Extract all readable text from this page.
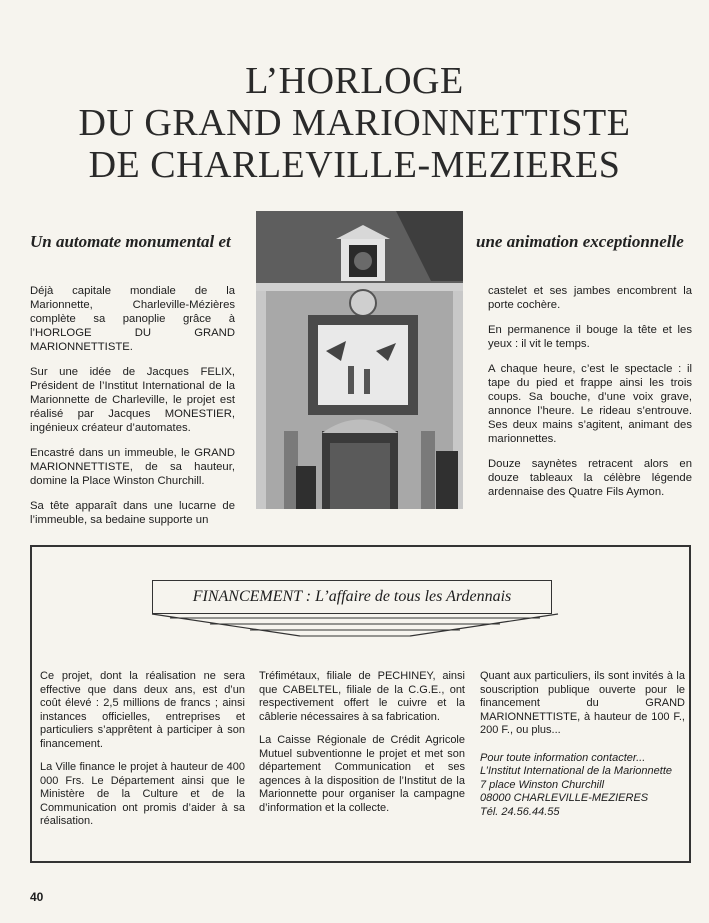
L’HORLOGE
DU GRAND MARIONNETTISTE
DE CHARLEVILLE-MEZIERES
Un automate monumental et	une animation exceptionnelle

Déjà capitale mondiale de la Marionnette, Charleville-Mézières complète sa panoplie grâce à l’HORLOGE DU GRAND MARIONNETTISTE.

Sur une idée de Jacques FELIX, Président de l’Institut International de la Marionnette de Charleville, le projet est réalisé par Jacques MONESTIER, ingénieux créateur d’automates.

Encastré dans un immeuble, le GRAND MARIONNETTISTE, de sa hauteur, domine la Place Winston Churchill.

Sa tête apparaît dans une lucarne de l’immeuble, sa bedaine supporte un

castelet et ses jambes encombrent la porte cochère.

En permanence il bouge la tête et les yeux : il vit le temps.

A chaque heure, c’est le spectacle : il tape du pied et frappe ainsi les trois coups. Sa bouche, d’une voix grave, annonce l’heure. Le rideau s’entrouve. Ses deux mains s’agitent, animant des marionnettes.

Douze saynètes retracent alors en douze tableaux la célèbre légende ardennaise des Quatre Fils Aymon.

FINANCEMENT : L’affaire de tous les Ardennais

Ce projet, dont la réalisation ne sera effective que dans deux ans, est d’un coût élevé : 2,5 millions de francs ; ainsi instances officielles, entreprises et particuliers s’apprêtent à participer à son financement.

La Ville finance le projet à hauteur de 400 000 Frs. Le Département ainsi que le Ministère de la Culture et de la Communication ont promis d’aider à sa réalisation.

Tréfimétaux, filiale de PECHINEY, ainsi que CABELTEL, filiale de la C.G.E., ont respectivement offert le cuivre et la câblerie nécessaires à sa fabrication.

La Caisse Régionale de Crédit Agricole Mutuel subventionne le projet et met son département Communication et ses agences à la disposition de l’Institut de la Marionnette pour organiser la campagne d’information et la collecte.

Quant aux particuliers, ils sont invités à la souscription publique ouverte pour le financement du GRAND MARIONNETTISTE, à hauteur de 100 F., 200 F., ou plus...

Pour toute information contacter...
L’Institut International de la Marionnette
7 place Winston Churchill
08000 CHARLEVILLE-MEZIERES
Tél. 24.56.44.55
40
